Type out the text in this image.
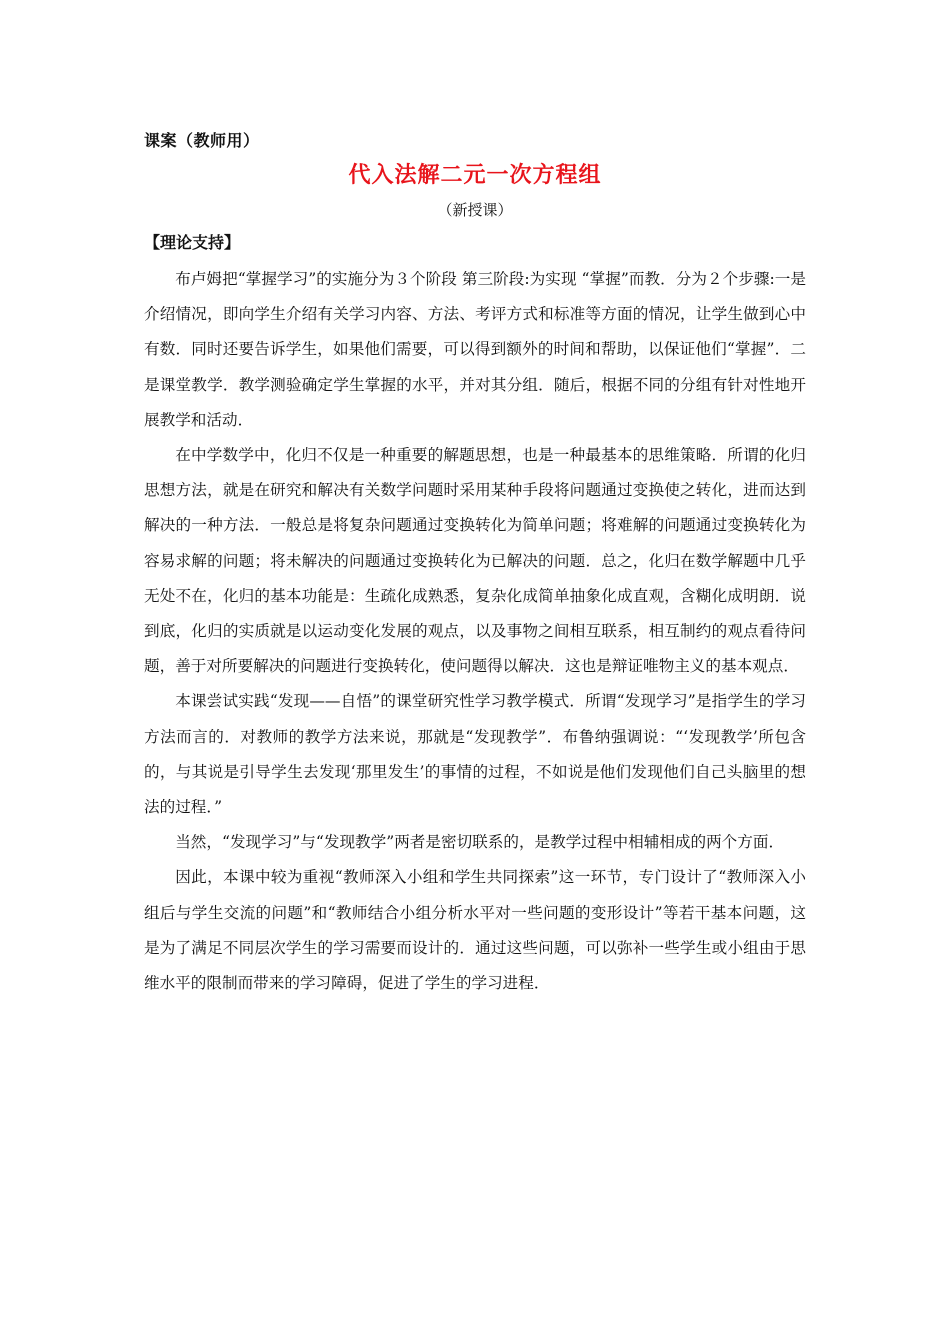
课案（教师用）
代入法解二元一次方程组
（新授课）
【理论支持】

布卢姆把“掌握学习”的实施分为３个阶段 第三阶段:为实现 “掌握”而教．分为２个步骤:一是介绍情况，即向学生介绍有关学习内容、方法、考评方式和标准等方面的情况，让学生做到心中有数．同时还要告诉学生，如果他们需要，可以得到额外的时间和帮助，以保证他们“掌握”．二是课堂教学．教学测验确定学生掌握的水平，并对其分组．随后，根据不同的分组有针对性地开展教学和活动．

在中学数学中，化归不仅是一种重要的解题思想，也是一种最基本的思维策略．所谓的化归思想方法，就是在研究和解决有关数学问题时采用某种手段将问题通过变换使之转化，进而达到解决的一种方法．一般总是将复杂问题通过变换转化为简单问题；将难解的问题通过变换转化为容易求解的问题；将未解决的问题通过变换转化为已解决的问题．总之，化归在数学解题中几乎无处不在，化归的基本功能是：生疏化成熟悉，复杂化成简单抽象化成直观，含糊化成明朗．说到底，化归的实质就是以运动变化发展的观点，以及事物之间相互联系，相互制约的观点看待问题，善于对所要解决的问题进行变换转化，使问题得以解决．这也是辩证唯物主义的基本观点．

本课尝试实践“发现——自悟”的课堂研究性学习教学模式．所谓“发现学习”是指学生的学习方法而言的．对教师的教学方法来说，那就是“发现教学”．布鲁纳强调说：“‘发现教学’所包含的，与其说是引导学生去发现‘那里发生’的事情的过程，不如说是他们发现他们自己头脑里的想法的过程．”

当然，“发现学习”与“发现教学”两者是密切联系的，是教学过程中相辅相成的两个方面．

因此，本课中较为重视“教师深入小组和学生共同探索”这一环节，专门设计了“教师深入小组后与学生交流的问题”和“教师结合小组分析水平对一些问题的变形设计”等若干基本问题，这是为了满足不同层次学生的学习需要而设计的．通过这些问题，可以弥补一些学生或小组由于思维水平的限制而带来的学习障碍，促进了学生的学习进程．
